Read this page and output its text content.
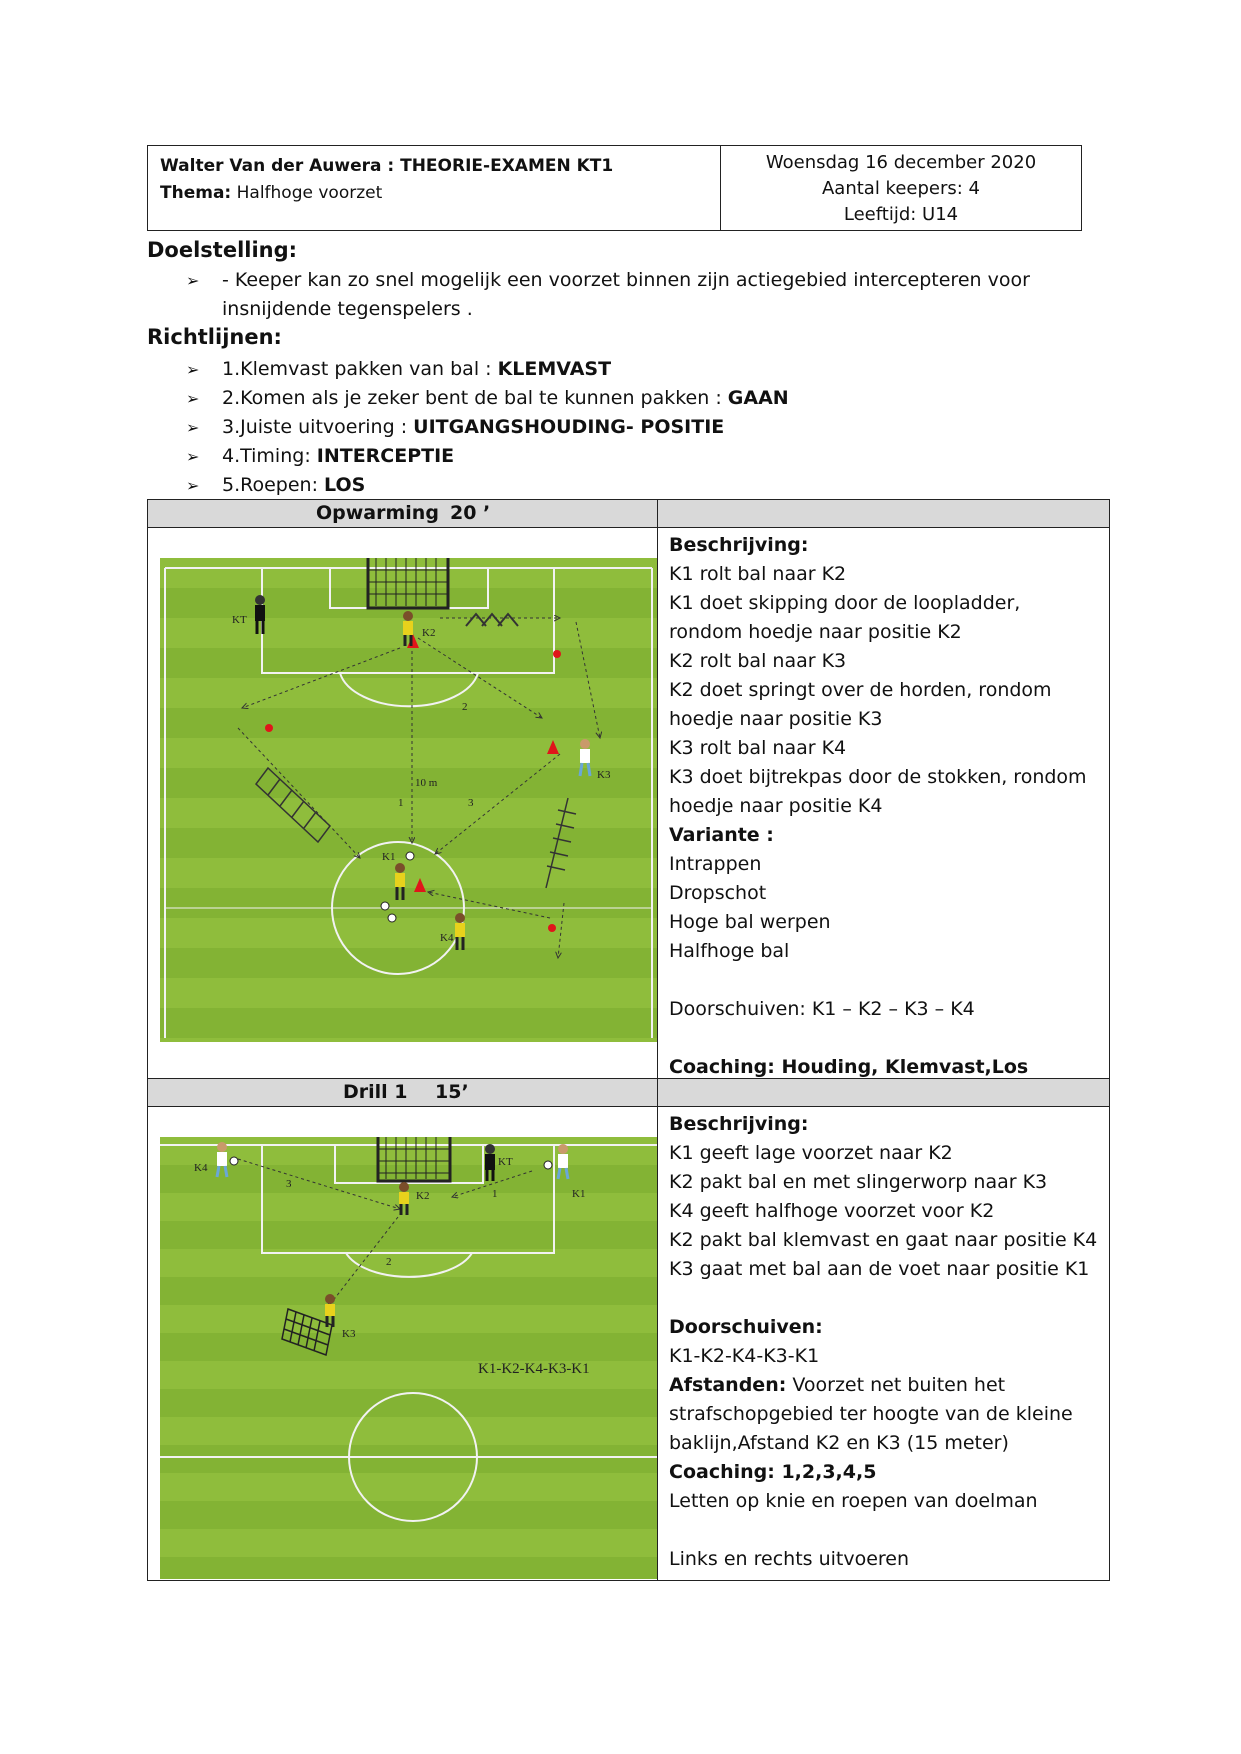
Walter Van der Auwera : THEORIE-EXAMEN KT1
Thema: Halfhoge voorzet
Woensdag 16 december 2020
Aantal keepers: 4
Leeftijd: U14
Doelstelling:
➢ - Keeper kan zo snel mogelijk een voorzet binnen zijn actiegebied intercepteren voor
insnijdende tegenspelers .
Richtlijnen:
➢ 1.Klemvast pakken van bal : KLEMVAST
➢ 2.Komen als je zeker bent de bal te kunnen pakken : GAAN
➢ 3.Juiste uitvoering : UITGANGSHOUDING- POSITIE
➢ 4.Timing: INTERCEPTIE
➢ 5.Roepen: LOS
Opwarming 20 ’
KT
K2
K3
K1
K4
10 m
1
2
3
Beschrijving:
K1 rolt bal naar K2
K1 doet skipping door de loopladder,
rondom hoedje naar positie K2
K2 rolt bal naar K3
K2 doet springt over de horden, rondom
hoedje naar positie K3
K3 rolt bal naar K4
K3 doet bijtrekpas door de stokken, rondom
hoedje naar positie K4
Variante :
Intrappen
Dropschot
Hoge bal werpen
Halfhoge bal
Doorschuiven: K1 – K2 – K3 – K4
Coaching: Houding, Klemvast,Los
Drill 1 15’
K4
K2
KT
K1
K3
3
1
2
K1-K2-K4-K3-K1
Beschrijving:
K1 geeft lage voorzet naar K2
K2 pakt bal en met slingerworp naar K3
K4 geeft halfhoge voorzet voor K2
K2 pakt bal klemvast en gaat naar positie K4
K3 gaat met bal aan de voet naar positie K1
Doorschuiven:
K1-K2-K4-K3-K1
Afstanden: Voorzet net buiten het
strafschopgebied ter hoogte van de kleine
baklijn,Afstand K2 en K3 (15 meter)
Coaching: 1,2,3,4,5
Letten op knie en roepen van doelman
Links en rechts uitvoeren
